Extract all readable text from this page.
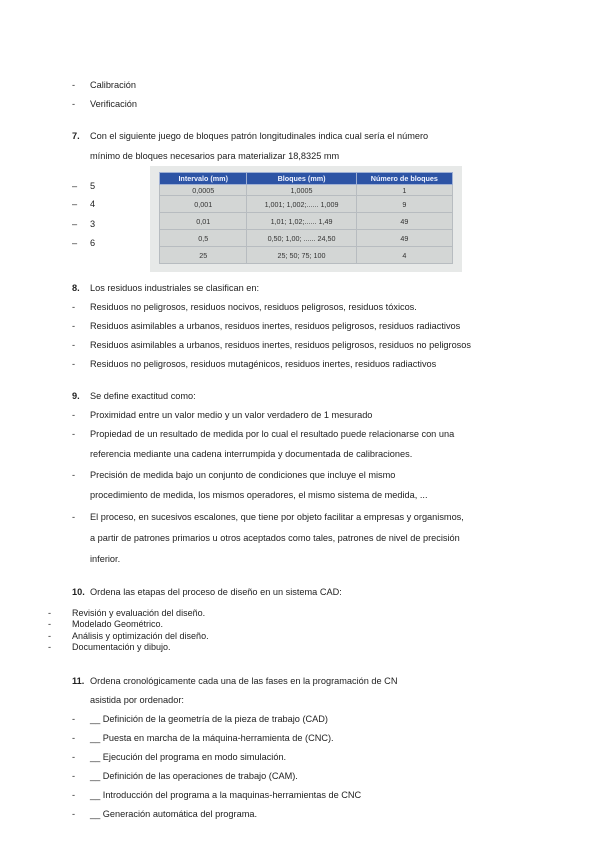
- Calibración
- Verificación
7. Con el siguiente juego de bloques patrón longitudinales indica cual sería el número
mínimo de bloques necesarios para materializar 18,8325 mm
– 5
– 4
– 3
– 6
Intervalo (mm)	Bloques (mm)	Número de bloques
0,0005	1,0005	1
0,001	1,001; 1,002;...... 1,009	9
0,01	1,01; 1,02;...... 1,49	49
0,5	0,50; 1,00; ...... 24,50	49
25	25; 50; 75; 100	4
8. Los residuos industriales se clasifican en:
- Residuos no peligrosos, residuos nocivos, residuos peligrosos, residuos tóxicos.
- Residuos asimilables a urbanos, residuos inertes, residuos peligrosos, residuos radiactivos
- Residuos asimilables a urbanos, residuos inertes, residuos peligrosos, residuos no peligrosos
- Residuos no peligrosos, residuos mutagénicos, residuos inertes, residuos radiactivos
9. Se define exactitud como:
- Proximidad entre un valor medio y un valor verdadero de 1 mesurado
- Propiedad de un resultado de medida por lo cual el resultado puede relacionarse con una
referencia mediante una cadena interrumpida y documentada de calibraciones.
- Precisión de medida bajo un conjunto de condiciones que incluye el mismo
procedimiento de medida, los mismos operadores, el mismo sistema de medida, ...
- El proceso, en sucesivos escalones, que tiene por objeto facilitar a empresas y organismos,
a partir de patrones primarios u otros aceptados como tales, patrones de nivel de precisión
inferior.
10. Ordena las etapas del proceso de diseño en un sistema CAD:
- Revisión y evaluación del diseño.
- Modelado Geométrico.
- Análisis y optimización del diseño.
- Documentación y dibujo.
11. Ordena cronológicamente cada una de las fases en la programación de CN
asistida por ordenador:
- __ Definición de la geometría de la pieza de trabajo (CAD)
- __ Puesta en marcha de la máquina-herramienta de (CNC).
- __ Ejecución del programa en modo simulación.
- __ Definición de las operaciones de trabajo (CAM).
- __ Introducción del programa a la maquinas-herramientas de CNC
- __ Generación automática del programa.
